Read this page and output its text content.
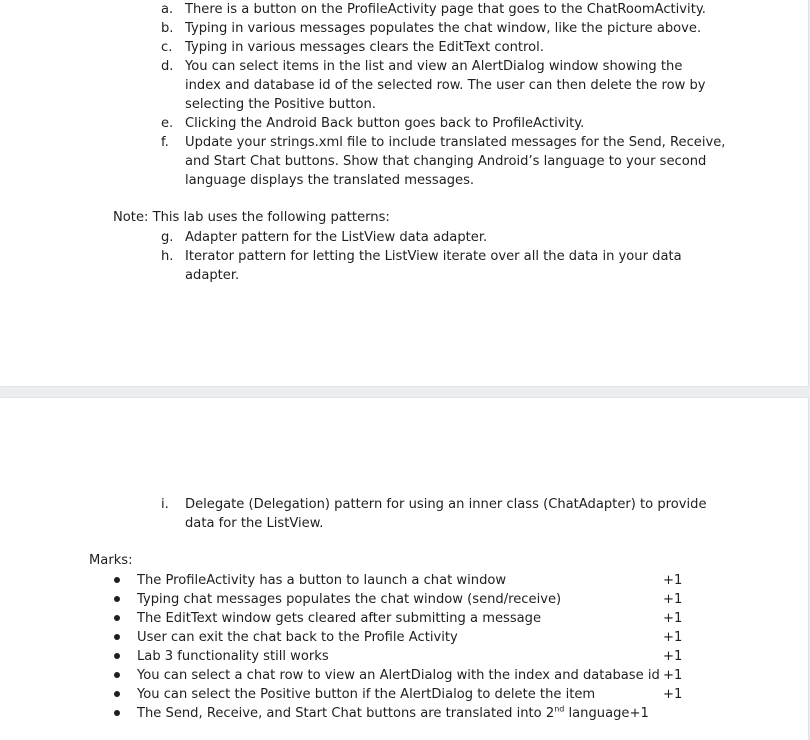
a. There is a button on the ProfileActivity page that goes to the ChatRoomActivity.
b. Typing in various messages populates the chat window, like the picture above.
c. Typing in various messages clears the EditText control.
d. You can select items in the list and view an AlertDialog window showing the
index and database id of the selected row. The user can then delete the row by
selecting the Positive button.
e. Clicking the Android Back button goes back to ProfileActivity.
f.	Update your strings.xml file to include translated messages for the Send, Receive,
and Start Chat buttons. Show that changing Android’s language to your second
language displays the translated messages.
Note: This lab uses the following patterns:
g. Adapter pattern for the ListView data adapter.
h. Iterator pattern for letting the ListView iterate over all the data in your data
adapter.
i.	Delegate (Delegation) pattern for using an inner class (ChatAdapter) to provide
data for the ListView.
Marks:
The ProfileActivity has a button to launch a chat window	+1
Typing chat messages populates the chat window (send/receive)	+1
The EditText window gets cleared after submitting a message	+1
User can exit the chat back to the Profile Activity	+1
Lab 3 functionality still works	+1
You can select a chat row to view an AlertDialog with the index and database id +1
You can select the Positive button if the AlertDialog to delete the item	+1
The Send, Receive, and Start Chat buttons are translated into 2nd language+1
